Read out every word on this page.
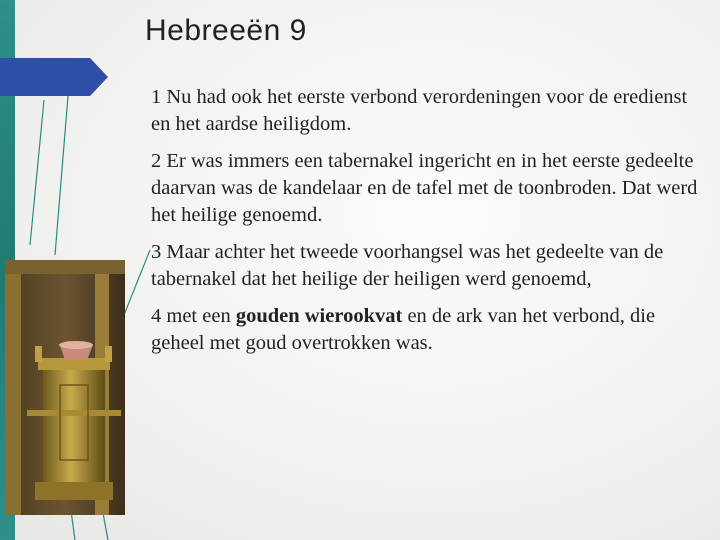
Hebreeën 9

1 Nu had ook het eerste verbond verordeningen voor de eredienst en het aardse heiligdom.

2 Er was immers een tabernakel ingericht en in het eerste gedeelte daarvan was de kandelaar en de tafel met de toonbroden. Dat werd het heilige genoemd.

3 Maar achter het tweede voorhangsel was het gedeelte van de tabernakel dat het heilige der heiligen werd genoemd,

4 met een gouden wierookvat en de ark van het verbond, die geheel met goud overtrokken was.
